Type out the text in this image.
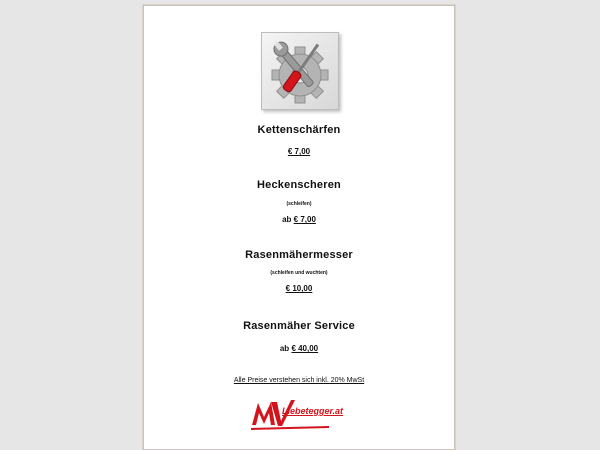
Kettenschärfen
€ 7,00
Heckenscheren
(schleifen)
ab € 7,00
Rasenmähermesser
(schleifen und wuchten)
€ 10,00
Rasenmäher Service
ab € 40,00
Alle Preise verstehen sich inkl. 20% MwSt
Liebetegger.at
